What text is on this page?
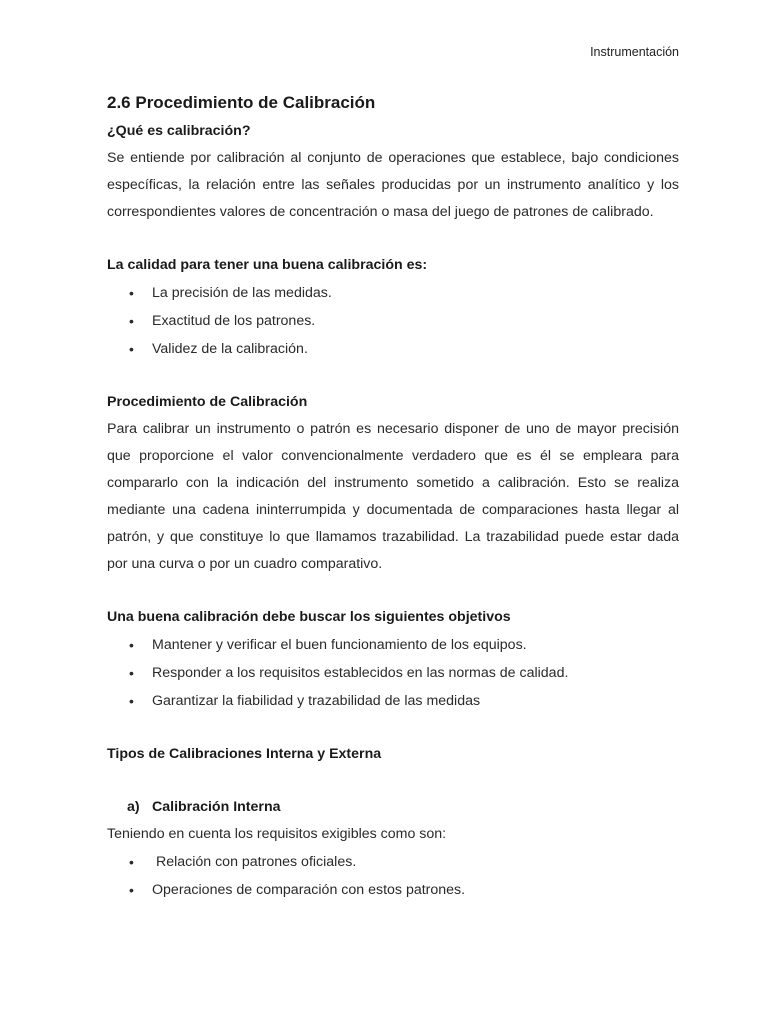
Instrumentación
2.6 Procedimiento de Calibración
¿Qué es calibración?

Se entiende por calibración al conjunto de operaciones que establece, bajo condiciones específicas, la relación entre las señales producidas por un instrumento analítico y los correspondientes valores de concentración o masa del juego de patrones de calibrado.

La calidad para tener una buena calibración es:
• La precisión de las medidas.
• Exactitud de los patrones.
• Validez de la calibración.
Procedimiento de Calibración

Para calibrar un instrumento o patrón es necesario disponer de uno de mayor precisión que proporcione el valor convencionalmente verdadero que es él se empleara para compararlo con la indicación del instrumento sometido a calibración. Esto se realiza mediante una cadena ininterrumpida y documentada de comparaciones hasta llegar al patrón, y que constituye lo que llamamos trazabilidad. La trazabilidad puede estar dada por una curva o por un cuadro comparativo.

Una buena calibración debe buscar los siguientes objetivos
• Mantener y verificar el buen funcionamiento de los equipos.
• Responder a los requisitos establecidos en las normas de calidad.
• Garantizar la fiabilidad y trazabilidad de las medidas
Tipos de Calibraciones Interna y Externa
a) Calibración Interna

Teniendo en cuenta los requisitos exigibles como son:

• Relación con patrones oficiales.
• Operaciones de comparación con estos patrones.
